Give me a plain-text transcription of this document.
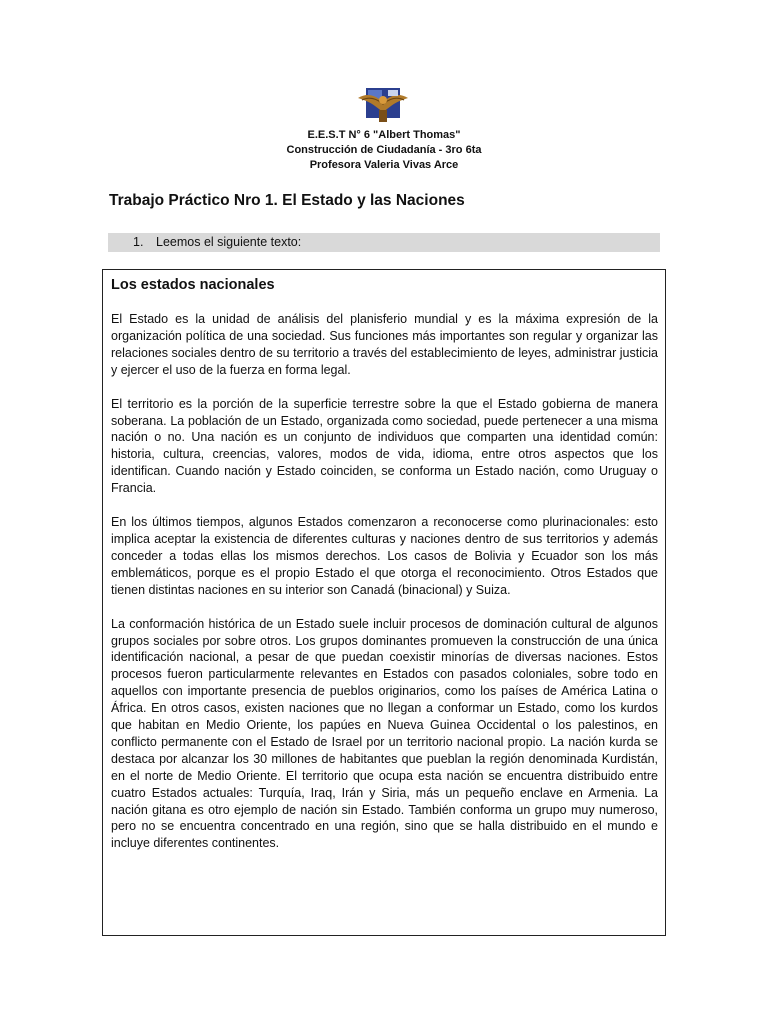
E.E.S.T N° 6 "Albert Thomas"
Construcción de Ciudadanía - 3ro 6ta
Profesora Valeria Vivas Arce
Trabajo Práctico Nro 1. El Estado y las Naciones
1. Leemos el siguiente texto:
Los estados nacionales

El Estado es la unidad de análisis del planisferio mundial y es la máxima expresión de la organización política de una sociedad. Sus funciones más importantes son regular y organizar las relaciones sociales dentro de su territorio a través del establecimiento de leyes, administrar justicia y ejercer el uso de la fuerza en forma legal.

El territorio es la porción de la superficie terrestre sobre la que el Estado gobierna de manera soberana. La población de un Estado, organizada como sociedad, puede pertenecer a una misma nación o no. Una nación es un conjunto de individuos que comparten una identidad común: historia, cultura, creencias, valores, modos de vida, idioma, entre otros aspectos que los identifican. Cuando nación y Estado coinciden, se conforma un Estado nación, como Uruguay o Francia.

En los últimos tiempos, algunos Estados comenzaron a reconocerse como plurinacionales: esto implica aceptar la existencia de diferentes culturas y naciones dentro de sus territorios y además conceder a todas ellas los mismos derechos. Los casos de Bolivia y Ecuador son los más emblemáticos, porque es el propio Estado el que otorga el reconocimiento. Otros Estados que tienen distintas naciones en su interior son Canadá (binacional) y Suiza.

La conformación histórica de un Estado suele incluir procesos de dominación cultural de algunos grupos sociales por sobre otros. Los grupos dominantes promueven la construcción de una única identificación nacional, a pesar de que puedan coexistir minorías de diversas naciones. Estos procesos fueron particularmente relevantes en Estados con pasados coloniales, sobre todo en aquellos con importante presencia de pueblos originarios, como los países de América Latina o África. En otros casos, existen naciones que no llegan a conformar un Estado, como los kurdos que habitan en Medio Oriente, los papúes en Nueva Guinea Occidental o los palestinos, en conflicto permanente con el Estado de Israel por un territorio nacional propio. La nación kurda se destaca por alcanzar los 30 millones de habitantes que pueblan la región denominada Kurdistán, en el norte de Medio Oriente. El territorio que ocupa esta nación se encuentra distribuido entre cuatro Estados actuales: Turquía, Iraq, Irán y Siria, más un pequeño enclave en Armenia. La nación gitana es otro ejemplo de nación sin Estado. También conforma un grupo muy numeroso, pero no se encuentra concentrado en una región, sino que se halla distribuido en el mundo e incluye diferentes continentes.
